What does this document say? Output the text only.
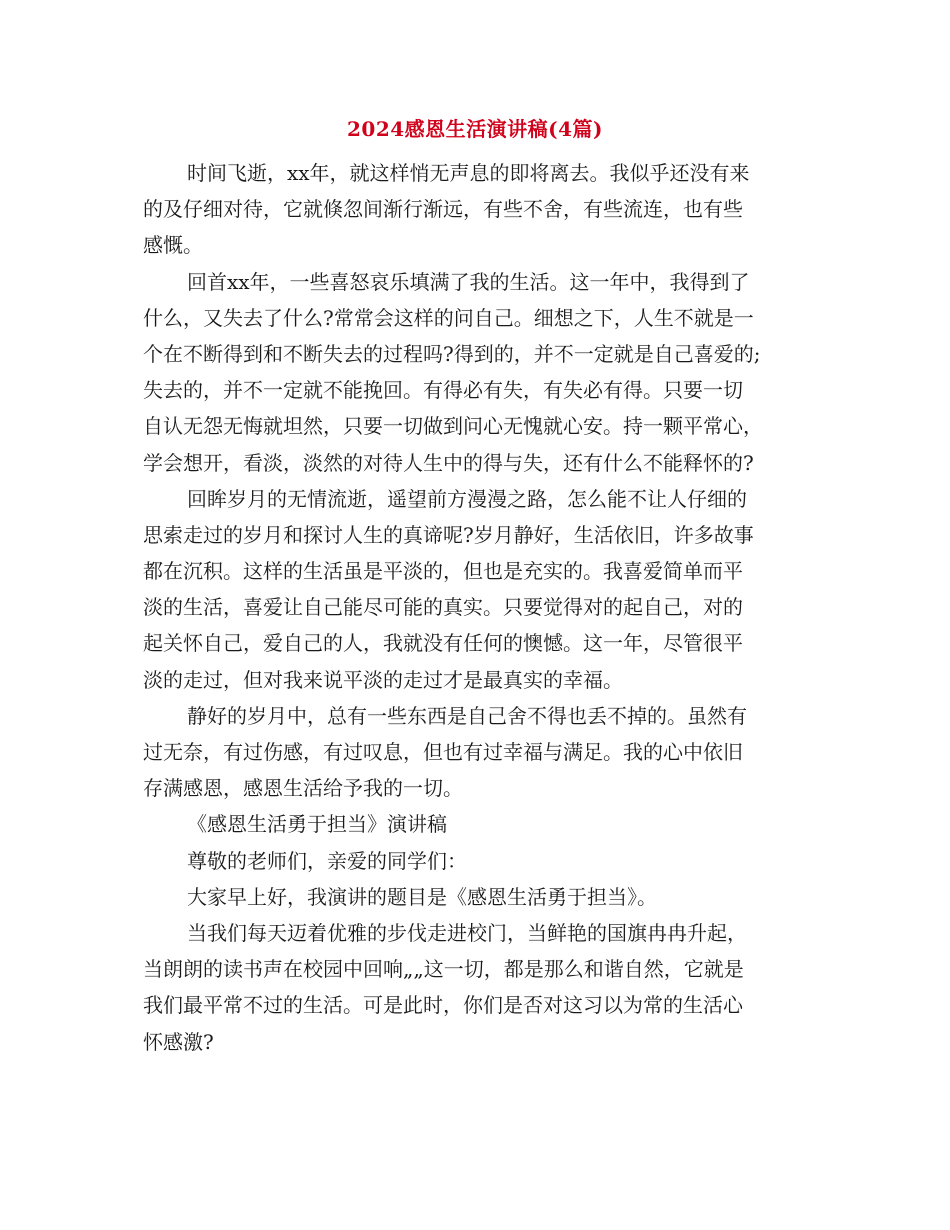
2024感恩生活演讲稿(4篇)
时间飞逝，xx年，就这样悄无声息的即将离去。我似乎还没有来
的及仔细对待，它就倏忽间渐行渐远，有些不舍，有些流连，也有些
感慨。
回首xx年，一些喜怒哀乐填满了我的生活。这一年中，我得到了
什么，又失去了什么?常常会这样的问自己。细想之下，人生不就是一
个在不断得到和不断失去的过程吗?得到的，并不一定就是自己喜爱的;
失去的，并不一定就不能挽回。有得必有失，有失必有得。只要一切
自认无怨无悔就坦然，只要一切做到问心无愧就心安。持一颗平常心，
学会想开，看淡，淡然的对待人生中的得与失，还有什么不能释怀的?
回眸岁月的无情流逝，遥望前方漫漫之路，怎么能不让人仔细的
思索走过的岁月和探讨人生的真谛呢?岁月静好，生活依旧，许多故事
都在沉积。这样的生活虽是平淡的，但也是充实的。我喜爱简单而平
淡的生活，喜爱让自己能尽可能的真实。只要觉得对的起自己，对的
起关怀自己，爱自己的人，我就没有任何的懊憾。这一年，尽管很平
淡的走过，但对我来说平淡的走过才是最真实的幸福。
静好的岁月中，总有一些东西是自己舍不得也丢不掉的。虽然有
过无奈，有过伤感，有过叹息，但也有过幸福与满足。我的心中依旧
存满感恩，感恩生活给予我的一切。
《感恩生活勇于担当》演讲稿
尊敬的老师们，亲爱的同学们：
大家早上好，我演讲的题目是《感恩生活勇于担当》。
当我们每天迈着优雅的步伐走进校门，当鲜艳的国旗冉冉升起，
当朗朗的读书声在校园中回响„„这一切，都是那么和谐自然，它就是
我们最平常不过的生活。可是此时，你们是否对这习以为常的生活心
怀感激?
